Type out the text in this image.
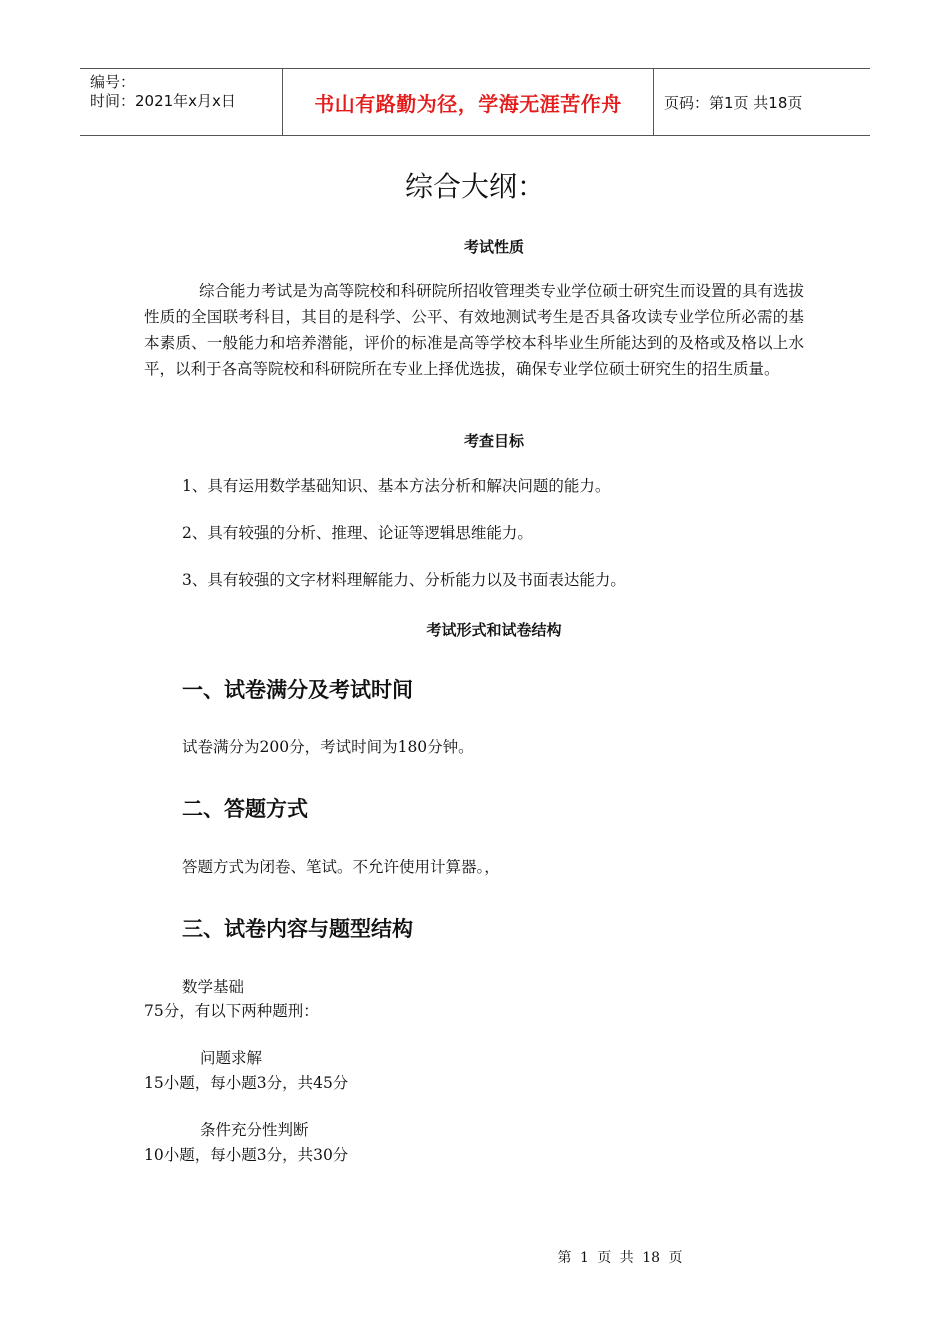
编号：
时间：2021年x月x日	书山有路勤为径，学海无涯苦作舟	页码：第1页 共18页
综合大纲：
考试性质
综合能力考试是为高等院校和科研院所招收管理类专业学位硕士研究生而设置的具有选拔性质的全国联考科目，其目的是科学、公平、有效地测试考生是否具备攻读专业学位所必需的基本素质、一般能力和培养潜能，评价的标准是高等学校本科毕业生所能达到的及格或及格以上水平，以利于各高等院校和科研院所在专业上择优选拔，确保专业学位硕士研究生的招生质量。
考查目标
1、具有运用数学基础知识、基本方法分析和解决问题的能力。
2、具有较强的分析、推理、论证等逻辑思维能力。
3、具有较强的文字材料理解能力、分析能力以及书面表达能力。
考试形式和试卷结构
一、试卷满分及考试时间
试卷满分为200分，考试时间为180分钟。
二、答题方式
答题方式为闭卷、笔试。不允许使用计算器。，
三、试卷内容与题型结构
数学基础
75分，有以下两种题刑：
问题求解
15小题，每小题3分，共45分
条件充分性判断
10小题，每小题3分，共30分
第 1 页 共 18 页
